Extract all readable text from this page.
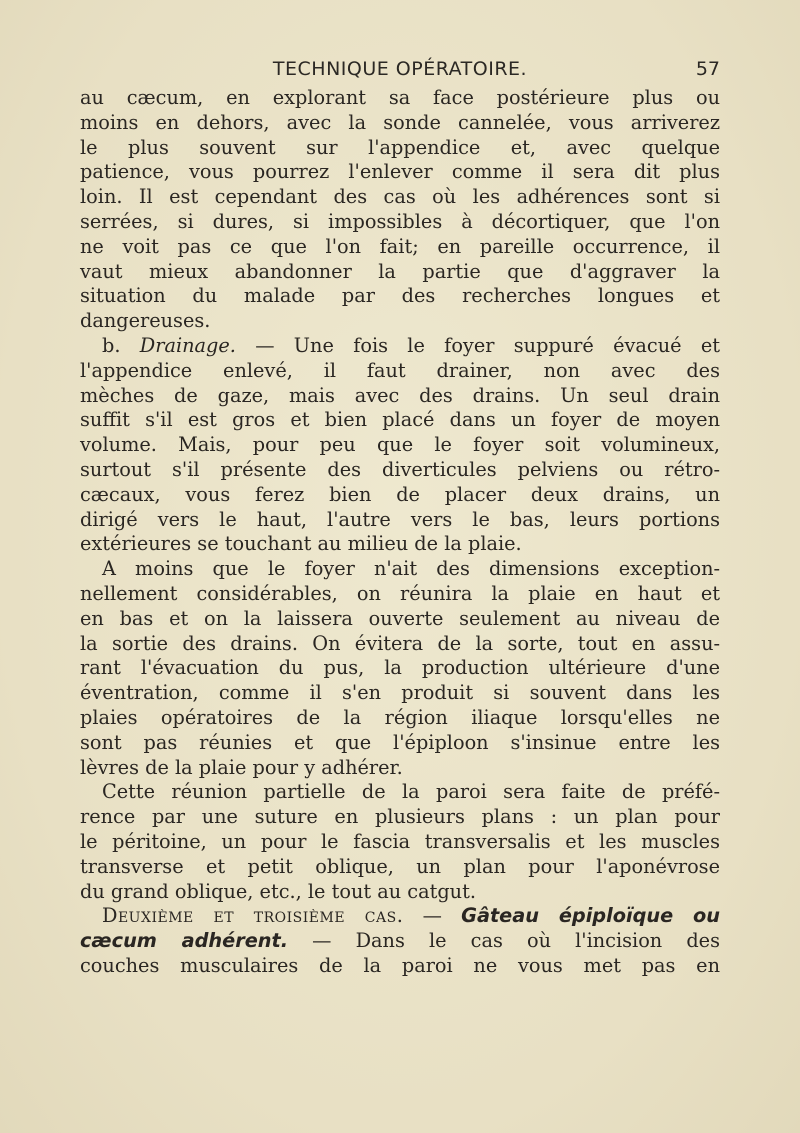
TECHNIQUE OPÉRATOIRE.	57
au cæcum, en explorant sa face postérieure plus ou
moins en dehors, avec la sonde cannelée, vous arriverez
le plus souvent sur l'appendice et, avec quelque
patience, vous pourrez l'enlever comme il sera dit plus
loin. Il est cependant des cas où les adhérences sont si
serrées, si dures, si impossibles à décortiquer, que l'on
ne voit pas ce que l'on fait; en pareille occurrence, il
vaut mieux abandonner la partie que d'aggraver la
situation du malade par des recherches longues et
dangereuses.
b. Drainage. — Une fois le foyer suppuré évacué et
l'appendice enlevé, il faut drainer, non avec des
mèches de gaze, mais avec des drains. Un seul drain
suffit s'il est gros et bien placé dans un foyer de moyen
volume. Mais, pour peu que le foyer soit volumineux,
surtout s'il présente des diverticules pelviens ou rétro-
cæcaux, vous ferez bien de placer deux drains, un
dirigé vers le haut, l'autre vers le bas, leurs portions
extérieures se touchant au milieu de la plaie.
A moins que le foyer n'ait des dimensions exception-
nellement considérables, on réunira la plaie en haut et
en bas et on la laissera ouverte seulement au niveau de
la sortie des drains. On évitera de la sorte, tout en assu-
rant l'évacuation du pus, la production ultérieure d'une
éventration, comme il s'en produit si souvent dans les
plaies opératoires de la région iliaque lorsqu'elles ne
sont pas réunies et que l'épiploon s'insinue entre les
lèvres de la plaie pour y adhérer.
Cette réunion partielle de la paroi sera faite de préfé-
rence par une suture en plusieurs plans : un plan pour
le péritoine, un pour le fascia transversalis et les muscles
transverse et petit oblique, un plan pour l'aponévrose
du grand oblique, etc., le tout au catgut.
Deuxième et troisième cas. — Gâteau épiploïque ou
cæcum adhérent. — Dans le cas où l'incision des
couches musculaires de la paroi ne vous met pas en
